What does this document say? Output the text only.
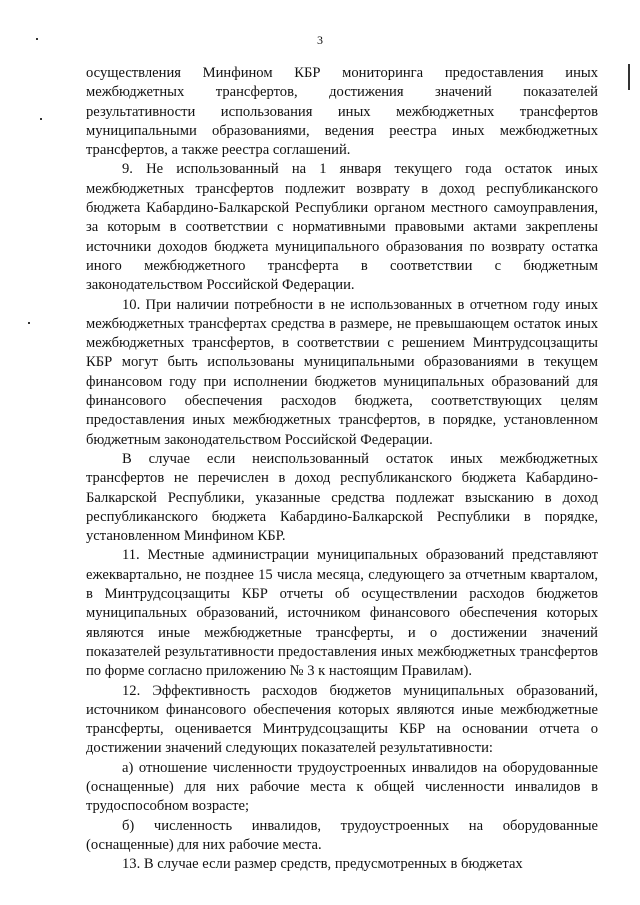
3

осуществления Минфином КБР мониторинга предоставления иных межбюджетных трансфертов, достижения значений показателей результативности использования иных межбюджетных трансфертов муниципальными образованиями, ведения реестра иных межбюджетных трансфертов, а также реестра соглашений.

9. Не использованный на 1 января текущего года остаток иных межбюджетных трансфертов подлежит возврату в доход республиканского бюджета Кабардино-Балкарской Республики органом местного самоуправления, за которым в соответствии с нормативными правовыми актами закреплены источники доходов бюджета муниципального образования по возврату остатка иного межбюджетного трансферта в соответствии с бюджетным законодательством Российской Федерации.

10. При наличии потребности в не использованных в отчетном году иных межбюджетных трансфертах средства в размере, не превышающем остаток иных межбюджетных трансфертов, в соответствии с решением Минтрудсоцзащиты КБР могут быть использованы муниципальными образованиями в текущем финансовом году при исполнении бюджетов муниципальных образований для финансового обеспечения расходов бюджета, соответствующих целям предоставления иных межбюджетных трансфертов, в порядке, установленном бюджетным законодательством Российской Федерации.

В случае если неиспользованный остаток иных межбюджетных трансфертов не перечислен в доход республиканского бюджета Кабардино-Балкарской Республики, указанные средства подлежат взысканию в доход республиканского бюджета Кабардино-Балкарской Республики в порядке, установленном Минфином КБР.

11. Местные администрации муниципальных образований представляют ежеквартально, не позднее 15 числа месяца, следующего за отчетным кварталом, в Минтрудсоцзащиты КБР отчеты об осуществлении расходов бюджетов муниципальных образований, источником финансового обеспечения которых являются иные межбюджетные трансферты, и о достижении значений показателей результативности предоставления иных межбюджетных трансфертов по форме согласно приложению № 3 к настоящим Правилам).

12. Эффективность расходов бюджетов муниципальных образований, источником финансового обеспечения которых являются иные межбюджетные трансферты, оценивается Минтрудсоцзащиты КБР на основании отчета о достижении значений следующих показателей результативности:

а) отношение численности трудоустроенных инвалидов на оборудованные (оснащенные) для них рабочие места к общей численности инвалидов в трудоспособном возрасте;

б) численность инвалидов, трудоустроенных на оборудованные (оснащенные) для них рабочие места.

13. В случае если размер средств, предусмотренных в бюджетах
